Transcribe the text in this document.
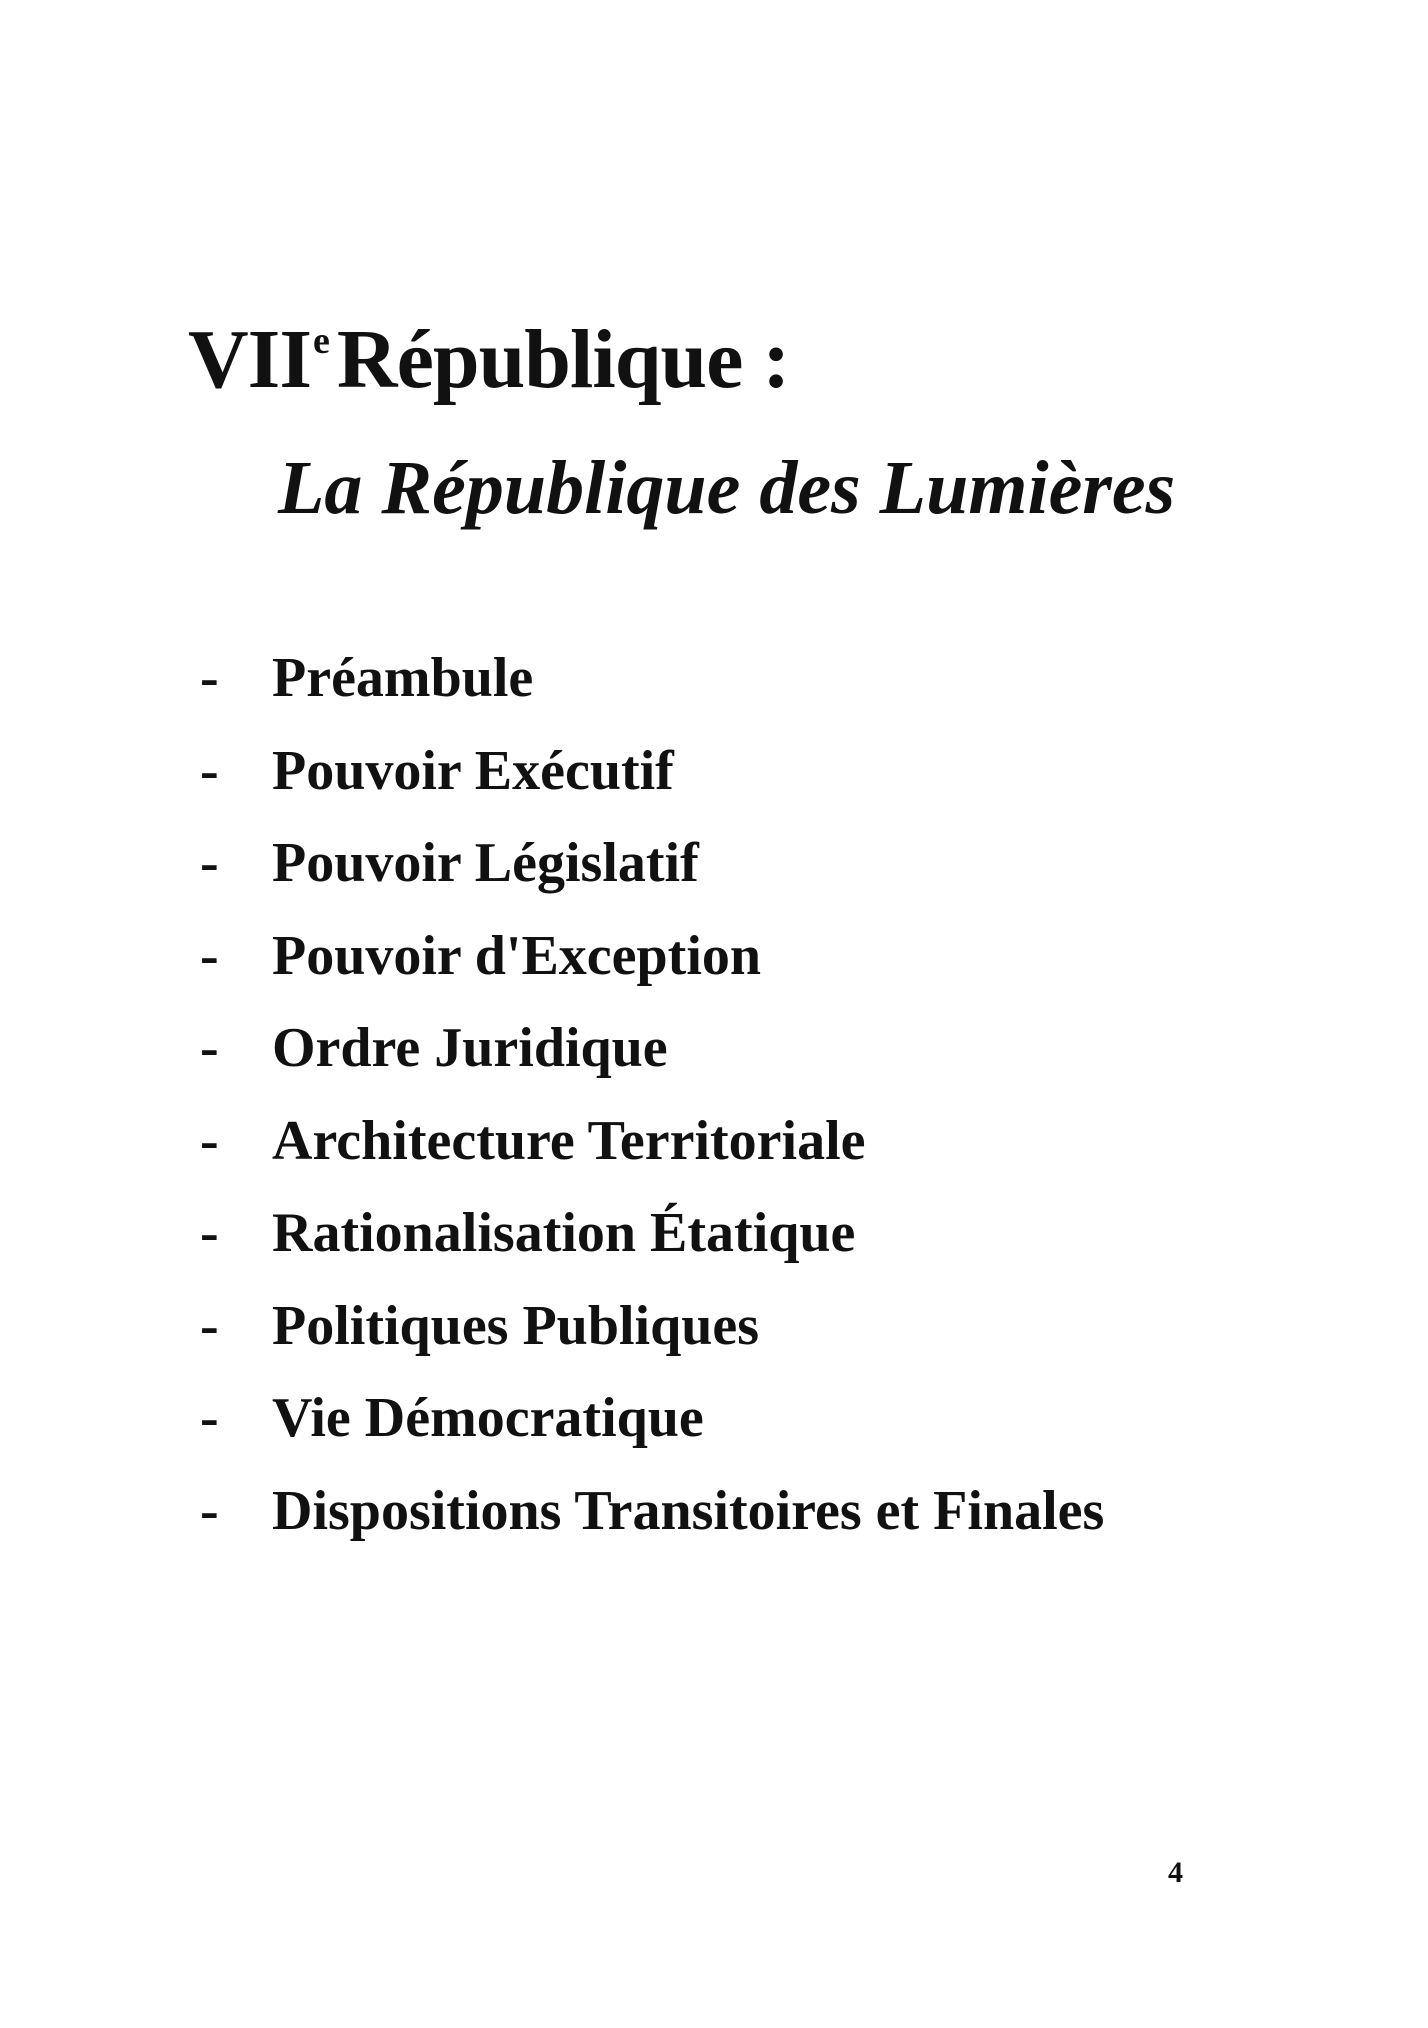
VIIeRépublique :
La République des Lumières
- Préambule
- Pouvoir Exécutif
- Pouvoir Législatif
- Pouvoir d'Exception
- Ordre Juridique
- Architecture Territoriale
- Rationalisation Étatique
- Politiques Publiques
- Vie Démocratique
- Dispositions Transitoires et Finales
4
